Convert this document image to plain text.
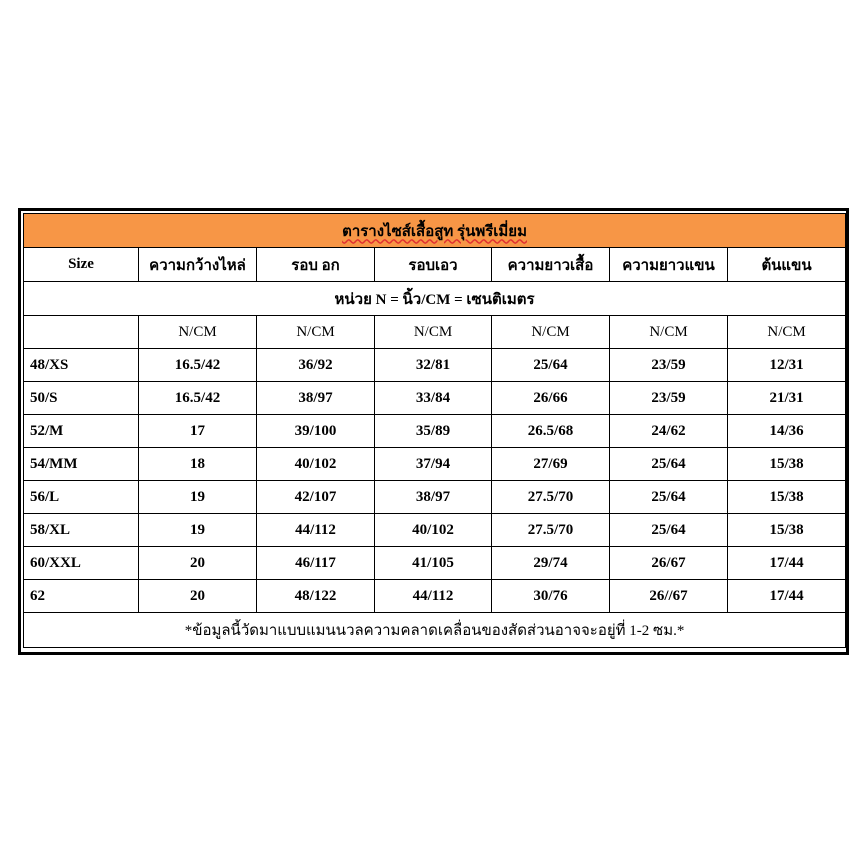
ตารางไซส์เสื้อสูท รุ่นพรีเมี่ยม						
Size	ความกว้างไหล่	รอบ อก	รอบเอว	ความยาวเสื้อ	ความยาวแขน	ต้นแขน
หน่วย N = นิ้ว/CM = เซนติเมตร						
	N/CM	N/CM	N/CM	N/CM	N/CM	N/CM
48/XS	16.5/42	36/92	32/81	25/64	23/59	12/31
50/S	16.5/42	38/97	33/84	26/66	23/59	21/31
52/M	17	39/100	35/89	26.5/68	24/62	14/36
54/MM	18	40/102	37/94	27/69	25/64	15/38
56/L	19	42/107	38/97	27.5/70	25/64	15/38
58/XL	19	44/112	40/102	27.5/70	25/64	15/38
60/XXL	20	46/117	41/105	29/74	26/67	17/44
62	20	48/122	44/112	30/76	26//67	17/44
*ข้อมูลนี้วัดมาแบบแมนนวลความคลาดเคลื่อนของสัดส่วนอาจจะอยู่ที่ 1-2 ซม.*						
